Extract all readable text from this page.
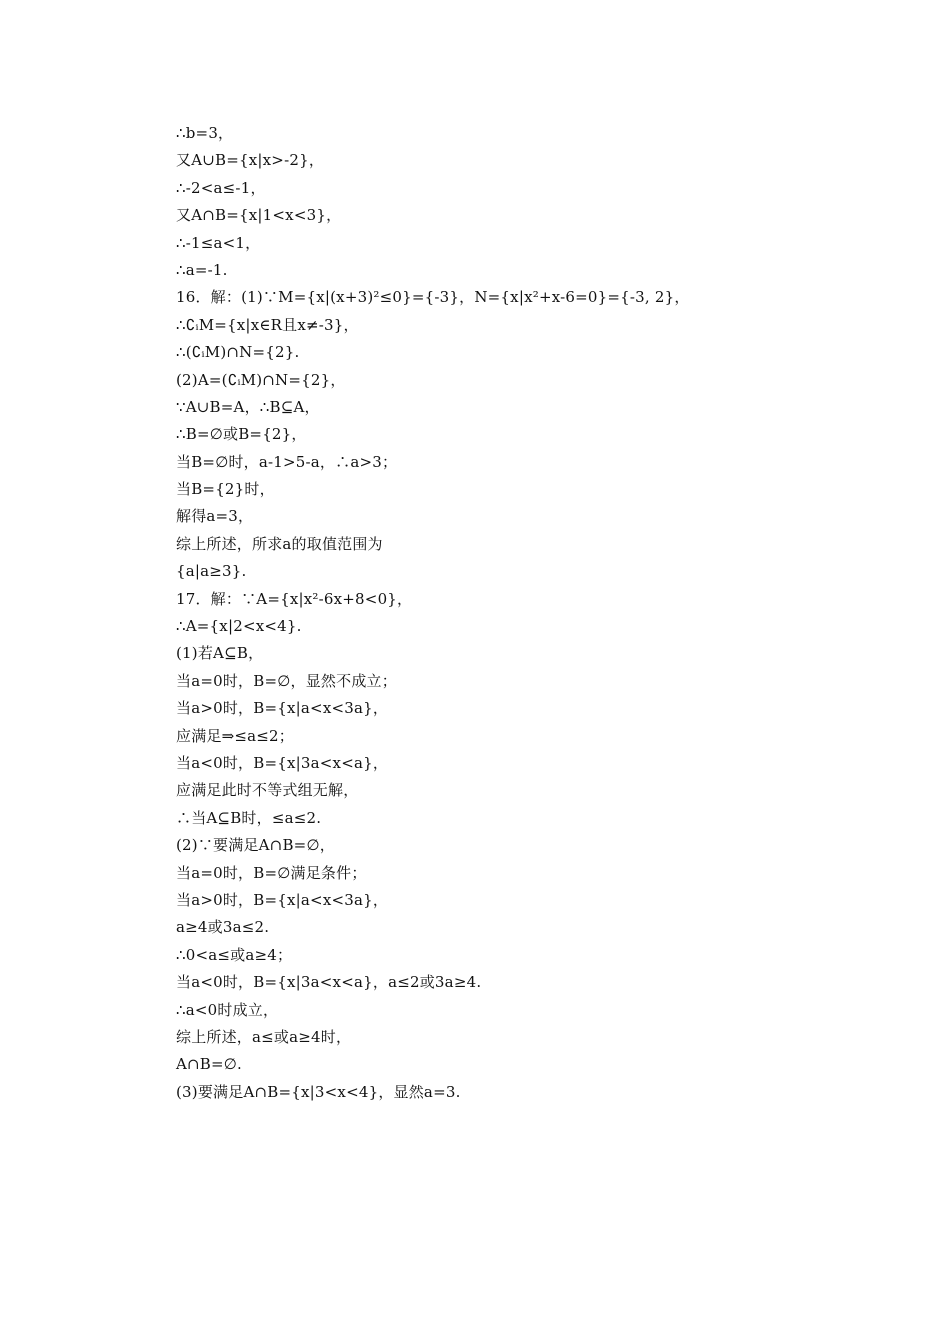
∴b=3，
又A∪B={x|x>-2}，
∴-2<a≤-1，
又A∩B={x|1<x<3}，
∴-1≤a<1，
∴a=-1.
16．解：(1)∵M={x|(x+3)²≤0}={-3}，N={x|x²+x-6=0}={-3, 2}，
∴∁ᵢM={x|x∈R且x≠-3}，
∴(∁ᵢM)∩N={2}.
(2)A=(∁ᵢM)∩N={2}，
∵A∪B=A，∴B⊆A，
∴B=∅或B={2}，
当B=∅时，a-1>5-a，∴a>3；
当B={2}时，
解得a=3，
综上所述，所求a的取值范围为
{a|a≥3}.
17．解：∵A={x|x²-6x+8<0}，
∴A={x|2<x<4}.
(1)若A⊆B，
当a=0时，B=∅，显然不成立；
当a>0时，B={x|a<x<3a}，
应满足⇒≤a≤2；
当a<0时，B={x|3a<x<a}，
应满足此时不等式组无解，
∴当A⊆B时，≤a≤2.
(2)∵要满足A∩B=∅，
当a=0时，B=∅满足条件；
当a>0时，B={x|a<x<3a}，
a≥4或3a≤2.
∴0<a≤或a≥4；
当a<0时，B={x|3a<x<a}，a≤2或3a≥4.
∴a<0时成立，
综上所述，a≤或a≥4时，
A∩B=∅.
(3)要满足A∩B={x|3<x<4}，显然a=3.
